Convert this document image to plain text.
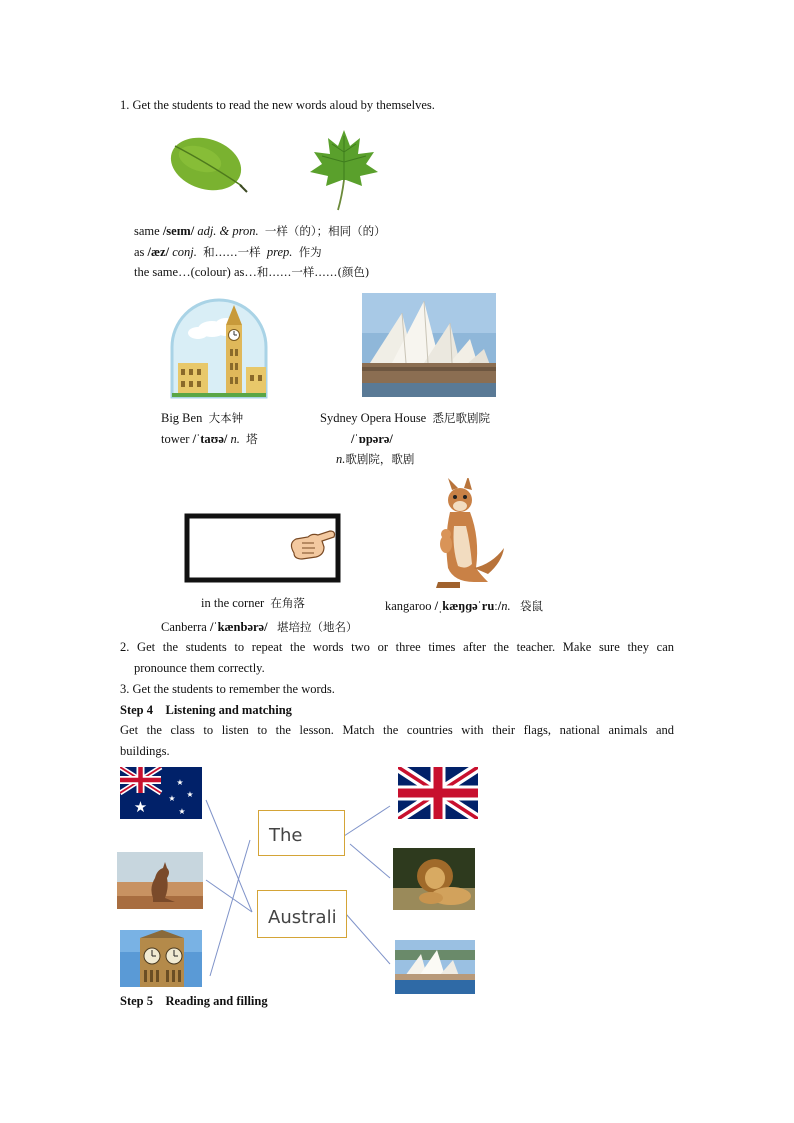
1. Get the students to read the new words aloud by themselves.
same /seɪm/ adj. & pron. 一样（的）；相同（的）
as /æz/ conj. 和……一样 prep. 作为
the same…(colour) as…和……一样……(颜色)
Big Ben 大本钟
tower /ˈtaʊə/ n. 塔
Sydney Opera House 悉尼歌剧院
/ˈɒpərə/
n.歌剧院，歌剧
in the corner 在角落	kangaroo /ˌkæŋɡəˈruː/n. 袋鼠
Canberra /ˈkænbərə/ 堪培拉（地名）
2. Get the students to repeat the words two or three times after the teacher. Make sure they can
pronounce them correctly.
3. Get the students to remember the words.
Step 4 Listening and matching
Get the class to listen to the lesson. Match the countries with their flags, national animals and
buildings.
★
★
★
★
★
The
Australi
Step 5 Reading and filling
